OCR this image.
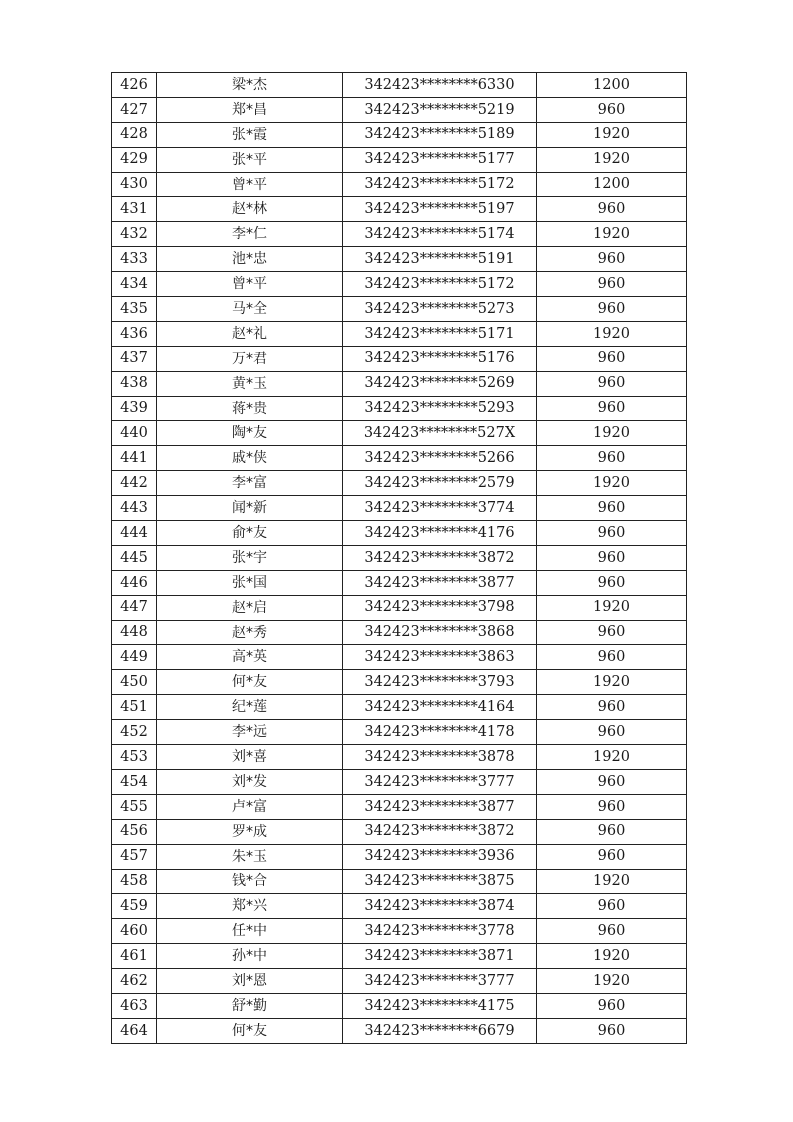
426	梁*杰	342423********6330	1200
427	郑*昌	342423********5219	960
428	张*霞	342423********5189	1920
429	张*平	342423********5177	1920
430	曾*平	342423********5172	1200
431	赵*林	342423********5197	960
432	李*仁	342423********5174	1920
433	池*忠	342423********5191	960
434	曾*平	342423********5172	960
435	马*全	342423********5273	960
436	赵*礼	342423********5171	1920
437	万*君	342423********5176	960
438	黄*玉	342423********5269	960
439	蒋*贵	342423********5293	960
440	陶*友	342423********527X	1920
441	戚*侠	342423********5266	960
442	李*富	342423********2579	1920
443	闻*新	342423********3774	960
444	俞*友	342423********4176	960
445	张*宇	342423********3872	960
446	张*国	342423********3877	960
447	赵*启	342423********3798	1920
448	赵*秀	342423********3868	960
449	高*英	342423********3863	960
450	何*友	342423********3793	1920
451	纪*莲	342423********4164	960
452	李*远	342423********4178	960
453	刘*喜	342423********3878	1920
454	刘*发	342423********3777	960
455	卢*富	342423********3877	960
456	罗*成	342423********3872	960
457	朱*玉	342423********3936	960
458	钱*合	342423********3875	1920
459	郑*兴	342423********3874	960
460	任*中	342423********3778	960
461	孙*中	342423********3871	1920
462	刘*恩	342423********3777	1920
463	舒*勤	342423********4175	960
464	何*友	342423********6679	960
